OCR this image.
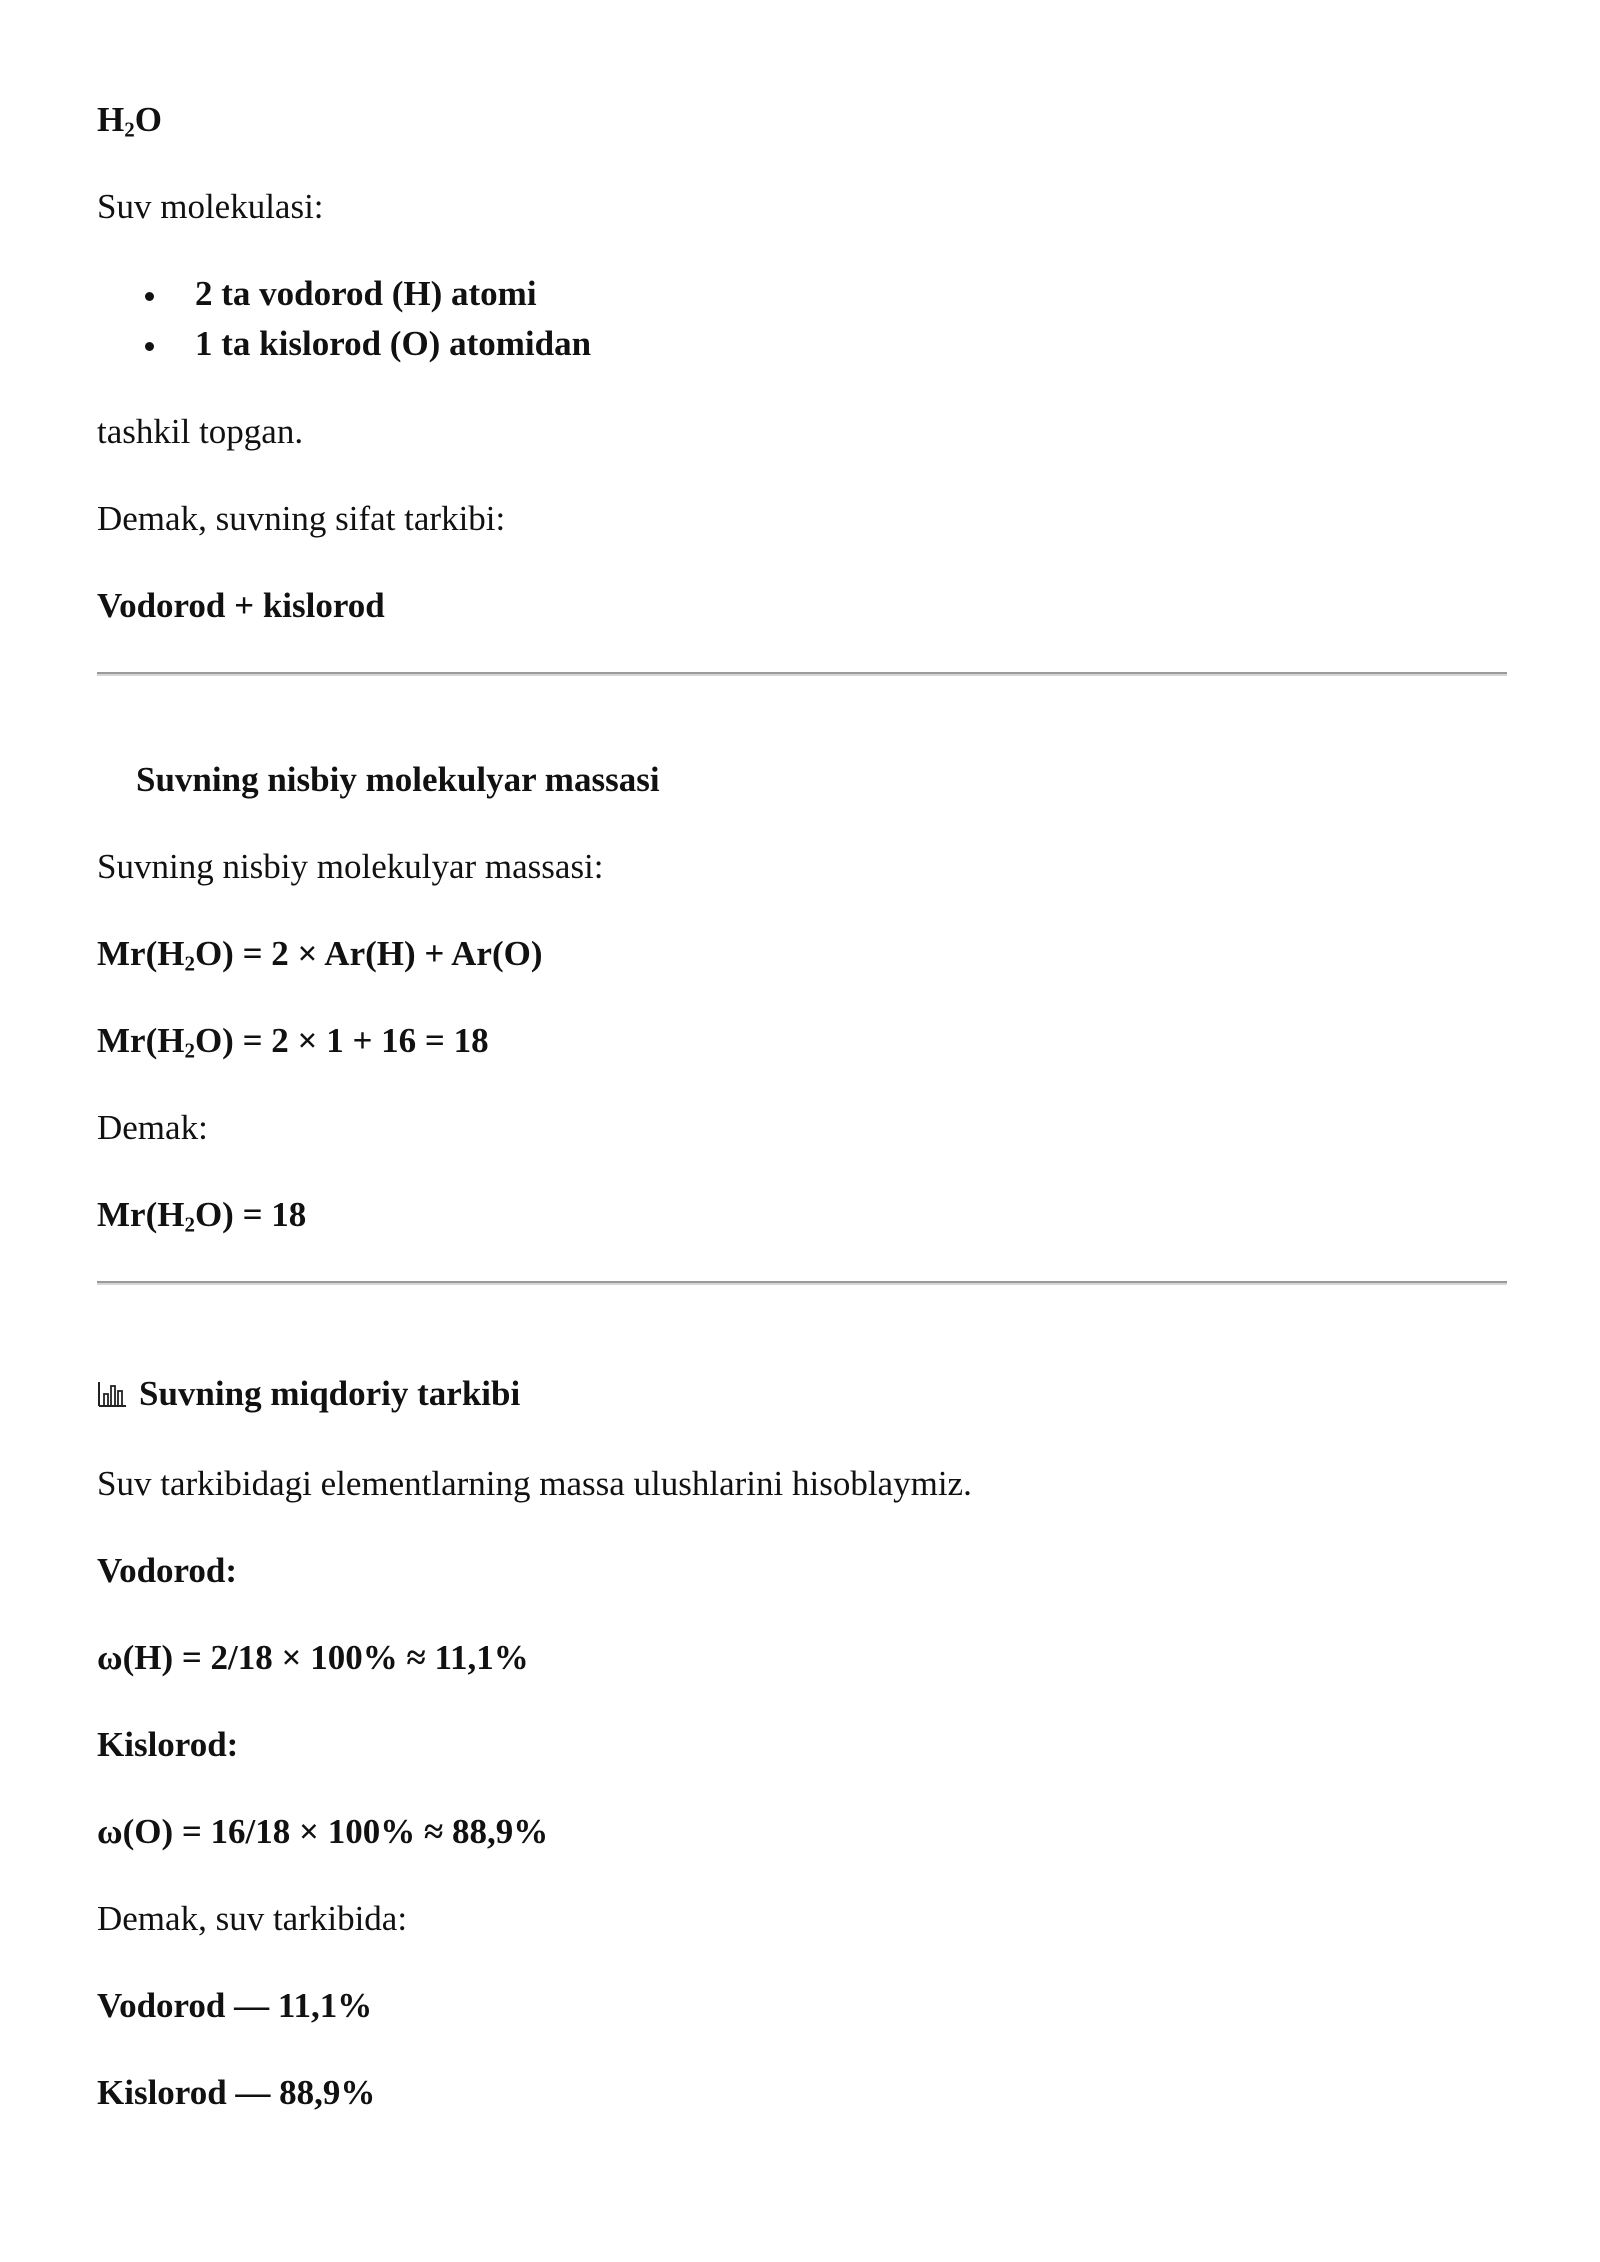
$H_2O$
Suv molekulasi:
2 ta vodorod (H) atomi
1 ta kislorod (O) atomidan
tashkil topgan.
Demak, suvning sifat tarkibi:
Vodorod + kislorod
Suvning nisbiy molekulyar massasi
Suvning nisbiy molekulyar massasi:
$Mr(H_2O) = 2 \times Ar(H) + Ar(O)$
$Mr(H_2O) = 2 \times 1 + 16 = 18$
Demak:
$Mr(H_2O) = 18$
Suvning miqdoriy tarkibi
Suv tarkibidagi elementlarning massa ulushlarini hisoblaymiz.
Vodorod:
ω(H) = 2/18 × 100% ≈ 11,1%
Kislorod:
ω(O) = 16/18 × 100% ≈ 88,9%
Demak, suv tarkibida:
Vodorod — 11,1%
Kislorod — 88,9%
